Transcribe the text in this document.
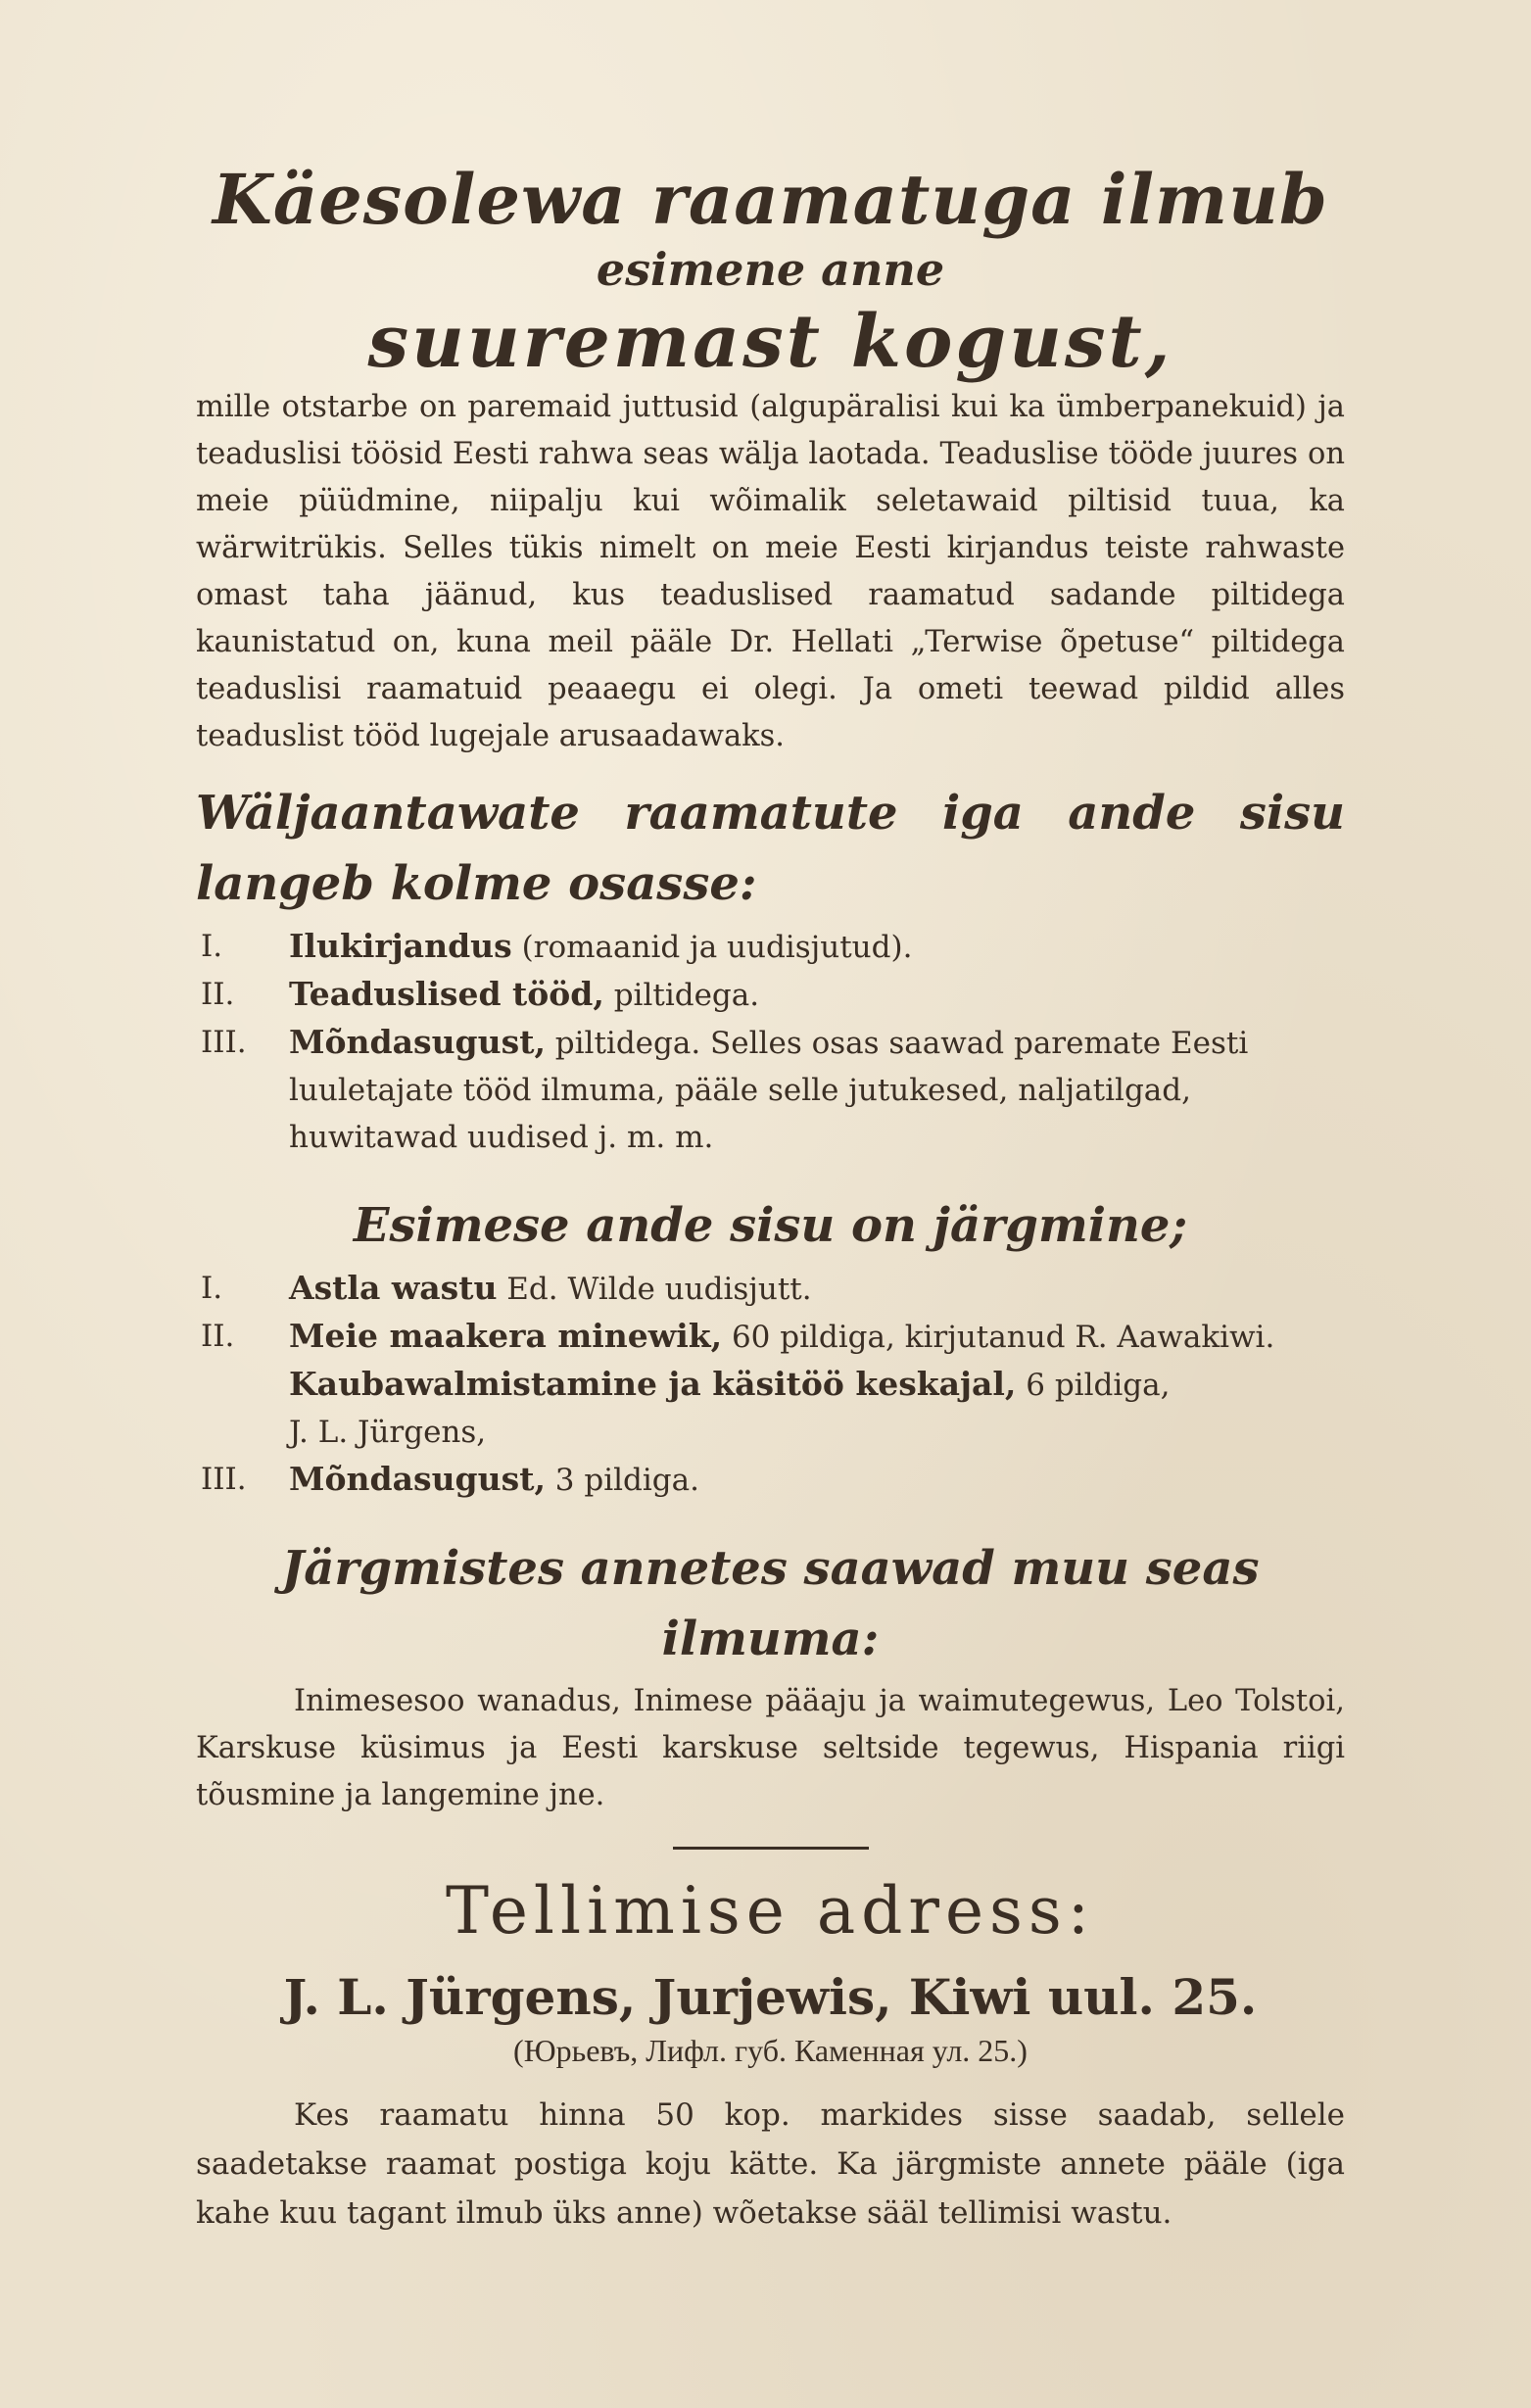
Käesolewa raamatuga ilmub
esimene anne
suuremast kogust,

mille otstarbe on paremaid juttusid (algupäralisi kui ka ümberpanekuid) ja teaduslisi töösid Eesti rahwa seas wälja laotada. Teaduslise tööde juures on meie püüdmine, niipalju kui wõimalik seletawaid piltisid tuua, ka wärwitrükis. Selles tükis nimelt on meie Eesti kirjandus teiste rahwaste omast taha jäänud, kus teaduslised raamatud sadande piltidega kaunistatud on, kuna meil pääle Dr. Hellati „Terwise õpetuse“ piltidega teaduslisi raamatuid peaaegu ei olegi. Ja ometi teewad pildid alles teaduslist tööd lugejale arusaadawaks.

Wäljaantawate raamatute iga ande sisu langeb kolme osasse:
I.	Ilukirjandus (romaanid ja uudisjutud).
II.	Teaduslised tööd, piltidega.
III.	Mõndasugust, piltidega. Selles osas saawad paremate Eesti luuletajate tööd ilmuma, pääle selle jutukesed, naljatilgad, huwitawad uudised j. m. m.
Esimese ande sisu on järgmine;
I.	Astla wastu Ed. Wilde uudisjutt.
II.	Meie maakera minewik, 60 pildiga, kirjutanud R. Aawakiwi.
Kaubawalmistamine ja käsitöö keskajal, 6 pildiga,
J. L. Jürgens,
III.	Mõndasugust, 3 pildiga.
Järgmistes annetes saawad muu seas ilmuma:

Inimesesoo wanadus, Inimese pääaju ja waimutegewus, Leo Tolstoi, Karskuse küsimus ja Eesti karskuse seltside tegewus, Hispania riigi tõusmine ja langemine jne.

Tellimise adress:
J. L. Jürgens, Jurjewis, Kiwi uul. 25.
(Юрьевъ, Лифл. губ. Каменная ул. 25.)

Kes raamatu hinna 50 kop. markides sisse saadab, sellele saadetakse raamat postiga koju kätte. Ka järgmiste annete pääle (iga kahe kuu tagant ilmub üks anne) wõetakse sääl tellimisi wastu.
